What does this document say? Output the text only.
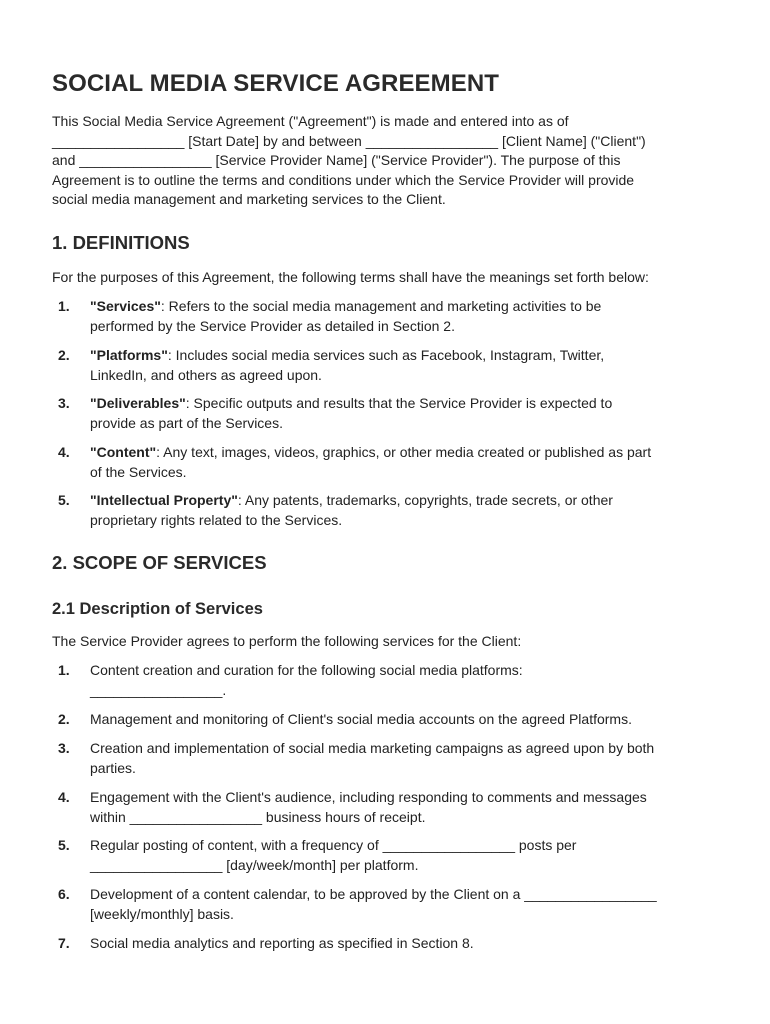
SOCIAL MEDIA SERVICE AGREEMENT
This Social Media Service Agreement ("Agreement") is made and entered into as of
_________________ [Start Date] by and between _________________ [Client Name] ("Client")
and _________________ [Service Provider Name] ("Service Provider"). The purpose of this
Agreement is to outline the terms and conditions under which the Service Provider will provide
social media management and marketing services to the Client.
1. DEFINITIONS
For the purposes of this Agreement, the following terms shall have the meanings set forth below:
1. "Services": Refers to the social media management and marketing activities to be
performed by the Service Provider as detailed in Section 2.
2. "Platforms": Includes social media services such as Facebook, Instagram, Twitter,
LinkedIn, and others as agreed upon.
3. "Deliverables": Specific outputs and results that the Service Provider is expected to
provide as part of the Services.
4. "Content": Any text, images, videos, graphics, or other media created or published as part
of the Services.
5. "Intellectual Property": Any patents, trademarks, copyrights, trade secrets, or other
proprietary rights related to the Services.
2. SCOPE OF SERVICES
2.1 Description of Services
The Service Provider agrees to perform the following services for the Client:
1. Content creation and curation for the following social media platforms:
_________________.
2. Management and monitoring of Client's social media accounts on the agreed Platforms.
3. Creation and implementation of social media marketing campaigns as agreed upon by both
parties.
4. Engagement with the Client's audience, including responding to comments and messages
within _________________ business hours of receipt.
5. Regular posting of content, with a frequency of _________________ posts per
_________________ [day/week/month] per platform.
6. Development of a content calendar, to be approved by the Client on a _________________
[weekly/monthly] basis.
7. Social media analytics and reporting as specified in Section 8.
